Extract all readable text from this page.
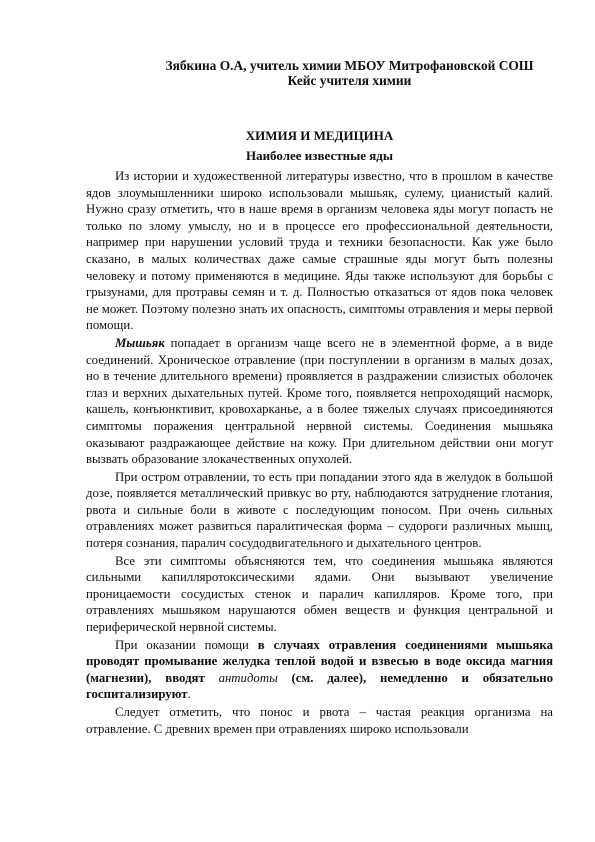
Зябкина О.А, учитель химии МБОУ Митрофановской СОШ
Кейс учителя химии
ХИМИЯ И МЕДИЦИНА
Наиболее известные яды

Из истории и художественной литературы известно, что в прошлом в качестве ядов злоумышленники широко использовали мышьяк, сулему, цианистый калий. Нужно сразу отметить, что в наше время в организм человека яды могут попасть не только по злому умыслу, но и в процессе его профессиональной деятельности, например при нарушении условий труда и техники безопасности. Как уже было сказано, в малых количествах даже самые страшные яды могут быть полезны человеку и потому применяются в медицине. Яды также используют для борьбы с грызунами, для протравы семян и т. д. Полностью отказаться от ядов пока человек не может. Поэтому полезно знать их опасность, симптомы отравления и меры первой помощи.

Мышьяк попадает в организм чаще всего не в элементной форме, а в виде соединений. Хроническое отравление (при поступлении в организм в малых дозах, но в течение длительного времени) проявляется в раздражении слизистых оболочек глаз и верхних дыхательных путей. Кроме того, появляется непроходящий насморк, кашель, конъюнктивит, кровохарканье, а в более тяжелых случаях присоединяются симптомы поражения центральной нервной системы. Соединения мышьяка оказывают раздражающее действие на кожу. При длительном действии они могут вызвать образование злокачественных опухолей.

При остром отравлении, то есть при попадании этого яда в желудок в большой дозе, появляется металлический привкус во рту, наблюдаются затруднение глотания, рвота и сильные боли в животе с последующим поносом. При очень сильных отравлениях может развиться паралитическая форма – судороги различных мышц, потеря сознания, паралич сосудодвигательного и дыхательного центров.

Все эти симптомы объясняются тем, что соединения мышьяка являются сильными капилляротоксическими ядами. Они вызывают увеличение проницаемости сосудистых стенок и паралич капилляров. Кроме того, при отравлениях мышьяком нарушаются обмен веществ и функция центральной и периферической нервной системы.

При оказании помощи в случаях отравления соединениями мышьяка проводят промывание желудка теплой водой и взвесью в воде оксида магния (магнезии), вводят антидоты (см. далее), немедленно и обязательно госпитализируют.

Следует отметить, что понос и рвота – частая реакция организма на отравление. С древних времен при отравлениях широко использовали
